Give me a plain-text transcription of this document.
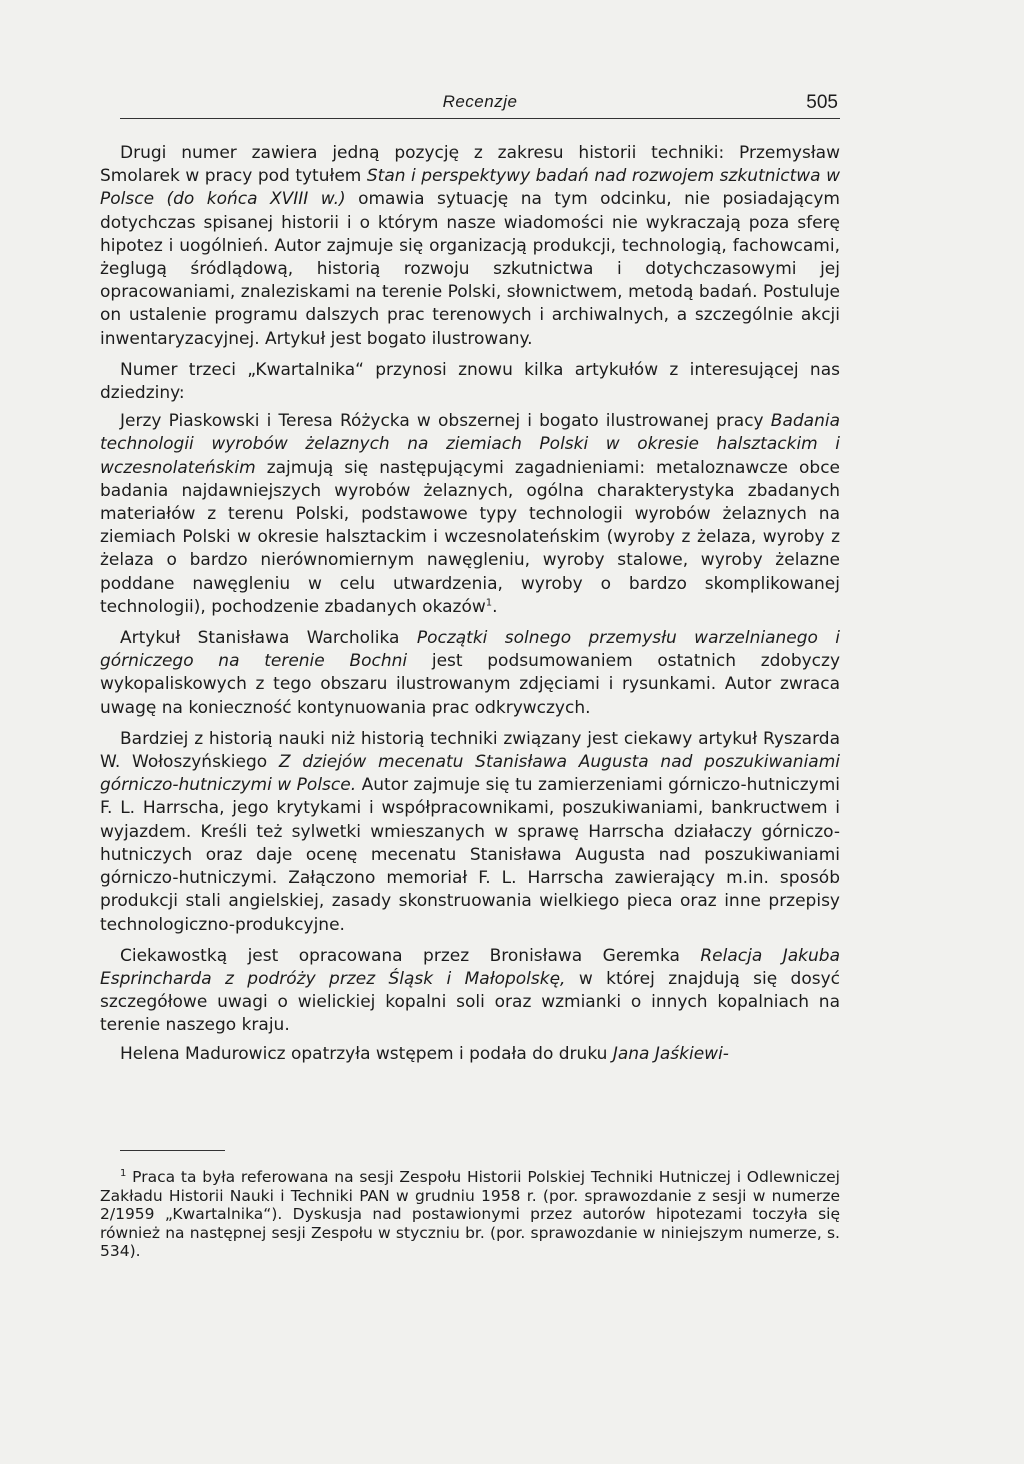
Recenzje	505

Drugi numer zawiera jedną pozycję z zakresu historii techniki: Przemysław Smolarek w pracy pod tytułem Stan i perspektywy badań nad rozwojem szkutnictwa w Polsce (do końca XVIII w.) omawia sytuację na tym odcinku, nie posiadającym dotychczas spisanej historii i o którym nasze wiadomości nie wykraczają poza sferę hipotez i uogólnień. Autor zajmuje się organizacją produkcji, technologią, fachowcami, żeglugą śródlądową, historią rozwoju szkutnictwa i dotychczasowymi jej opracowaniami, znaleziskami na terenie Polski, słownictwem, metodą badań. Postuluje on ustalenie programu dalszych prac terenowych i archiwalnych, a szczególnie akcji inwentaryzacyjnej. Artykuł jest bogato ilustrowany.

Numer trzeci „Kwartalnika“ przynosi znowu kilka artykułów z interesującej nas dziedziny:

Jerzy Piaskowski i Teresa Różycka w obszernej i bogato ilustrowanej pracy Badania technologii wyrobów żelaznych na ziemiach Polski w okresie halsztackim i wczesnolateńskim zajmują się następującymi zagadnieniami: metaloznawcze obce badania najdawniejszych wyrobów żelaznych, ogólna charakterystyka zbadanych materiałów z terenu Polski, podstawowe typy technologii wyrobów żelaznych na ziemiach Polski w okresie halsztackim i wczesnolateńskim (wyroby z żelaza, wyroby z żelaza o bardzo nierównomiernym nawęgleniu, wyroby stalowe, wyroby żelazne poddane nawęgleniu w celu utwardzenia, wyroby o bardzo skomplikowanej technologii), pochodzenie zbadanych okazów$^1$.

Artykuł Stanisława Warcholika Początki solnego przemysłu warzelnianego i górniczego na terenie Bochni jest podsumowaniem ostatnich zdobyczy wykopaliskowych z tego obszaru ilustrowanym zdjęciami i rysunkami. Autor zwraca uwagę na konieczność kontynuowania prac odkrywczych.

Bardziej z historią nauki niż historią techniki związany jest ciekawy artykuł Ryszarda W. Wołoszyńskiego Z dziejów mecenatu Stanisława Augusta nad poszukiwaniami górniczo-hutniczymi w Polsce. Autor zajmuje się tu zamierzeniami górniczo-hutniczymi F. L. Harrscha, jego krytykami i współpracownikami, poszukiwaniami, bankructwem i wyjazdem. Kreśli też sylwetki wmieszanych w sprawę Harrscha działaczy górniczo-hutniczych oraz daje ocenę mecenatu Stanisława Augusta nad poszukiwaniami górniczo-hutniczymi. Załączono memoriał F. L. Harrscha zawierający m.in. sposób produkcji stali angielskiej, zasady skonstruowania wielkiego pieca oraz inne przepisy technologiczno-produkcyjne.

Ciekawostką jest opracowana przez Bronisława Geremka Relacja Jakuba Esprincharda z podróży przez Śląsk i Małopolskę, w której znajdują się dosyć szczegółowe uwagi o wielickiej kopalni soli oraz wzmianki o innych kopalniach na terenie naszego kraju.

Helena Madurowicz opatrzyła wstępem i podała do druku Jana Jaśkiewi-

$^1$ Praca ta była referowana na sesji Zespołu Historii Polskiej Techniki Hutniczej i Odlewniczej Zakładu Historii Nauki i Techniki PAN w grudniu 1958 r. (por. sprawozdanie z sesji w numerze 2/1959 „Kwartalnika“). Dyskusja nad postawionymi przez autorów hipotezami toczyła się również na następnej sesji Zespołu w styczniu br. (por. sprawozdanie w niniejszym numerze, s. 534).
